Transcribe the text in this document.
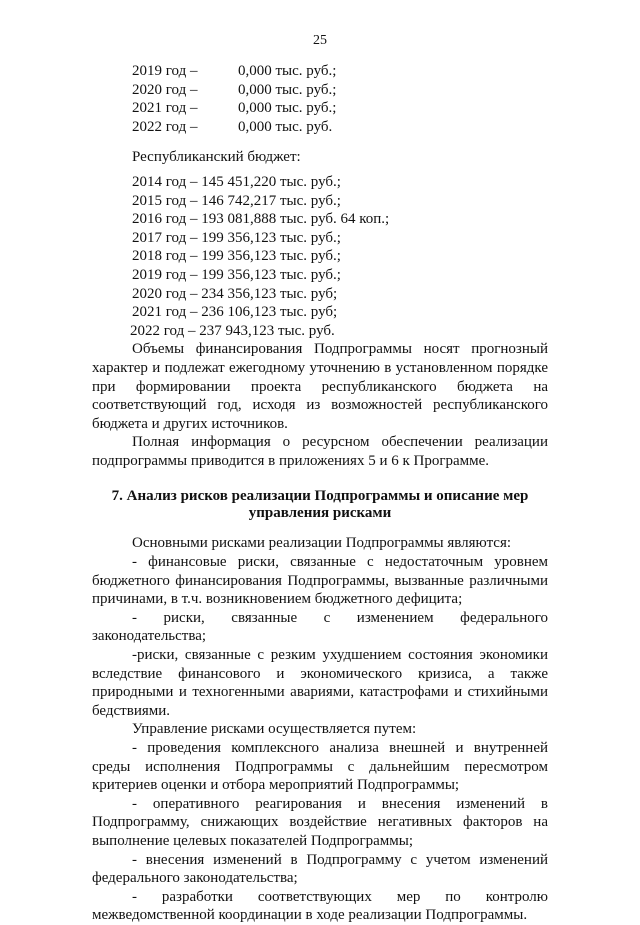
25
2019 год –	0,000 тыс. руб.;
2020 год –	0,000 тыс. руб.;
2021 год –	0,000 тыс. руб.;
2022 год –	0,000 тыс. руб.
Республиканский бюджет:
2014 год – 145 451,220 тыс. руб.;
2015 год – 146 742,217 тыс. руб.;
2016 год – 193 081,888 тыс. руб. 64 коп.;
2017 год – 199 356,123 тыс. руб.;
2018 год – 199 356,123 тыс. руб.;
2019 год – 199 356,123 тыс. руб.;
2020 год – 234 356,123 тыс. руб;
2021 год – 236 106,123 тыс. руб;
2022 год – 237 943,123 тыс. руб.
Объемы финансирования Подпрограммы носят прогнозный характер и подлежат ежегодному уточнению в установленном порядке при формировании проекта республиканского бюджета на соответствующий год, исходя из возможностей республиканского бюджета и других источников.
Полная информация о ресурсном обеспечении реализации подпрограммы приводится в приложениях 5 и 6 к Программе.
7. Анализ рисков реализации Подпрограммы и описание мер
управления рисками
Основными рисками реализации Подпрограммы являются:
- финансовые риски, связанные с недостаточным уровнем бюджетного финансирования Подпрограммы, вызванные различными причинами, в т.ч. возникновением бюджетного дефицита;
- риски, связанные с изменением федерального законодательства;
-риски, связанные с резким ухудшением состояния экономики вследствие финансового и экономического кризиса, а также природными и техногенными авариями, катастрофами и стихийными бедствиями.
Управление рисками осуществляется путем:
- проведения комплексного анализа внешней и внутренней среды исполнения Подпрограммы с дальнейшим пересмотром критериев оценки и отбора мероприятий Подпрограммы;
- оперативного реагирования и внесения изменений в Подпрограмму, снижающих воздействие негативных факторов на выполнение целевых показателей Подпрограммы;
- внесения изменений в Подпрограмму с учетом изменений федерального законодательства;
- разработки соответствующих мер по контролю межведомственной координации в ходе реализации Подпрограммы.
